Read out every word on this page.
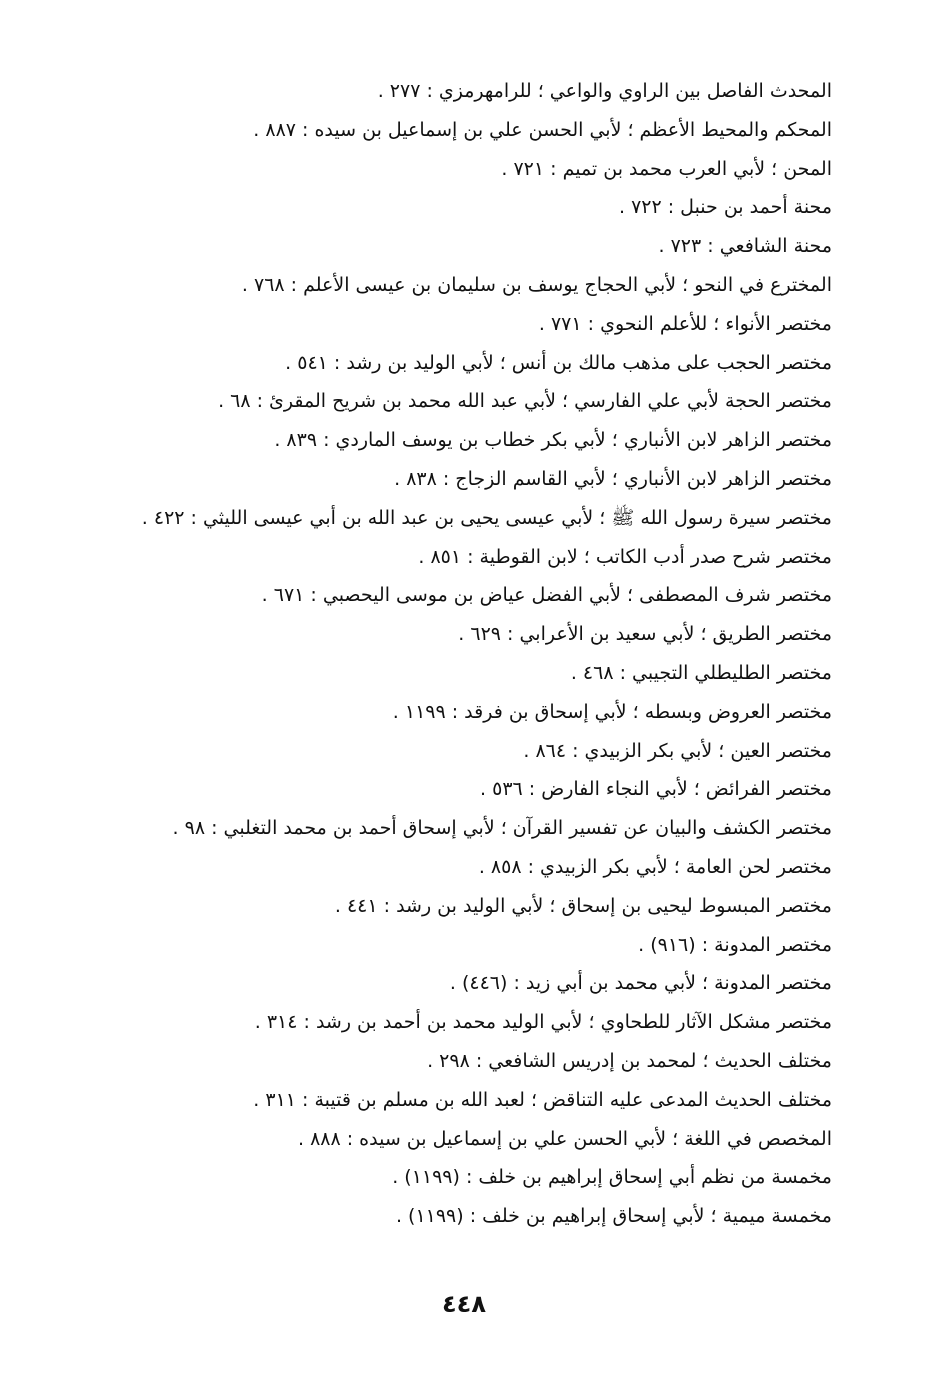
المحدث الفاصل بين الراوي والواعي ؛ للرامهرمزي : ٢٧٧ .
المحكم والمحيط الأعظم ؛ لأبي الحسن علي بن إسماعيل بن سيده : ٨٨٧ .
المحن ؛ لأبي العرب محمد بن تميم : ٧٢١ .
محنة أحمد بن حنبل : ٧٢٢ .
محنة الشافعي : ٧٢٣ .
المخترع في النحو ؛ لأبي الحجاج يوسف بن سليمان بن عيسى الأعلم : ٧٦٨ .
مختصر الأنواء ؛ للأعلم النحوي : ٧٧١ .
مختصر الحجب على مذهب مالك بن أنس ؛ لأبي الوليد بن رشد : ٥٤١ .
مختصر الحجة لأبي علي الفارسي ؛ لأبي عبد الله محمد بن شريح المقرئ : ٦٨ .
مختصر الزاهر لابن الأنباري ؛ لأبي بكر خطاب بن يوسف الماردي : ٨٣٩ .
مختصر الزاهر لابن الأنباري ؛ لأبي القاسم الزجاج : ٨٣٨ .
مختصر سيرة رسول الله ﷺ ؛ لأبي عيسى يحيى بن عبد الله بن أبي عيسى الليثي : ٤٢٢ .
مختصر شرح صدر أدب الكاتب ؛ لابن القوطية : ٨٥١ .
مختصر شرف المصطفى ؛ لأبي الفضل عياض بن موسى اليحصبي : ٦٧١ .
مختصر الطريق ؛ لأبي سعيد بن الأعرابي : ٦٢٩ .
مختصر الطليطلي التجيبي : ٤٦٨ .
مختصر العروض وبسطه ؛ لأبي إسحاق بن فرقد : ١١٩٩ .
مختصر العين ؛ لأبي بكر الزبيدي : ٨٦٤ .
مختصر الفرائض ؛ لأبي النجاء الفارض : ٥٣٦ .
مختصر الكشف والبيان عن تفسير القرآن ؛ لأبي إسحاق أحمد بن محمد التغلبي : ٩٨ .
مختصر لحن العامة ؛ لأبي بكر الزبيدي : ٨٥٨ .
مختصر المبسوط ليحيى بن إسحاق ؛ لأبي الوليد بن رشد : ٤٤١ .
مختصر المدونة : (٩١٦) .
مختصر المدونة ؛ لأبي محمد بن أبي زيد : (٤٤٦) .
مختصر مشكل الآثار للطحاوي ؛ لأبي الوليد محمد بن أحمد بن رشد : ٣١٤ .
مختلف الحديث ؛ لمحمد بن إدريس الشافعي : ٢٩٨ .
مختلف الحديث المدعى عليه التناقض ؛ لعبد الله بن مسلم بن قتيبة : ٣١١ .
المخصص في اللغة ؛ لأبي الحسن علي بن إسماعيل بن سيده : ٨٨٨ .
مخمسة من نظم أبي إسحاق إبراهيم بن خلف : (١١٩٩) .
مخمسة ميمية ؛ لأبي إسحاق إبراهيم بن خلف : (١١٩٩) .
٤٤٨
